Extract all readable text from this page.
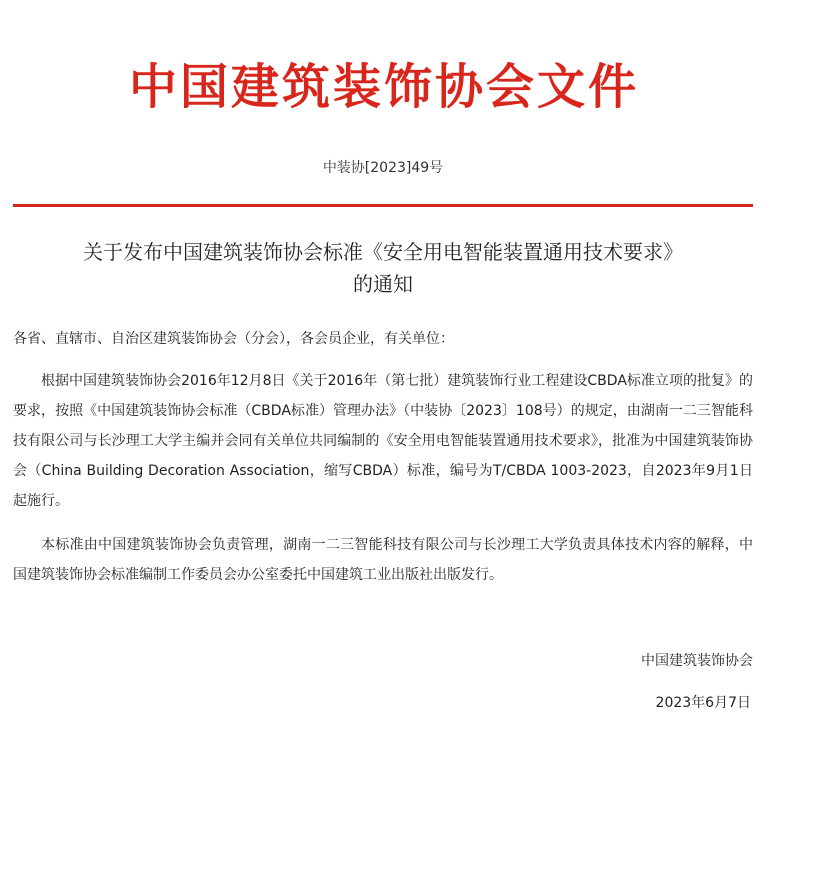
中国建筑装饰协会文件
中装协[2023]49号
关于发布中国建筑装饰协会标准《安全用电智能装置通用技术要求》
的通知
各省、直辖市、自治区建筑装饰协会（分会），各会员企业，有关单位：

根据中国建筑装饰协会2016年12月8日《关于2016年（第七批）建筑装饰行业工程建设CBDA标准立项的批复》的要求，按照《中国建筑装饰协会标准（CBDA标准）管理办法》（中装协〔2023〕108号）的规定，由湖南一二三智能科技有限公司与长沙理工大学主编并会同有关单位共同编制的《安全用电智能装置通用技术要求》，批准为中国建筑装饰协会（China Building Decoration Association，缩写CBDA）标准，编号为T/CBDA 1003-2023，自2023年9月1日起施行。

本标准由中国建筑装饰协会负责管理，湖南一二三智能科技有限公司与长沙理工大学负责具体技术内容的解释，中国建筑装饰协会标准编制工作委员会办公室委托中国建筑工业出版社出版发行。

中国建筑装饰协会
2023年6月7日
